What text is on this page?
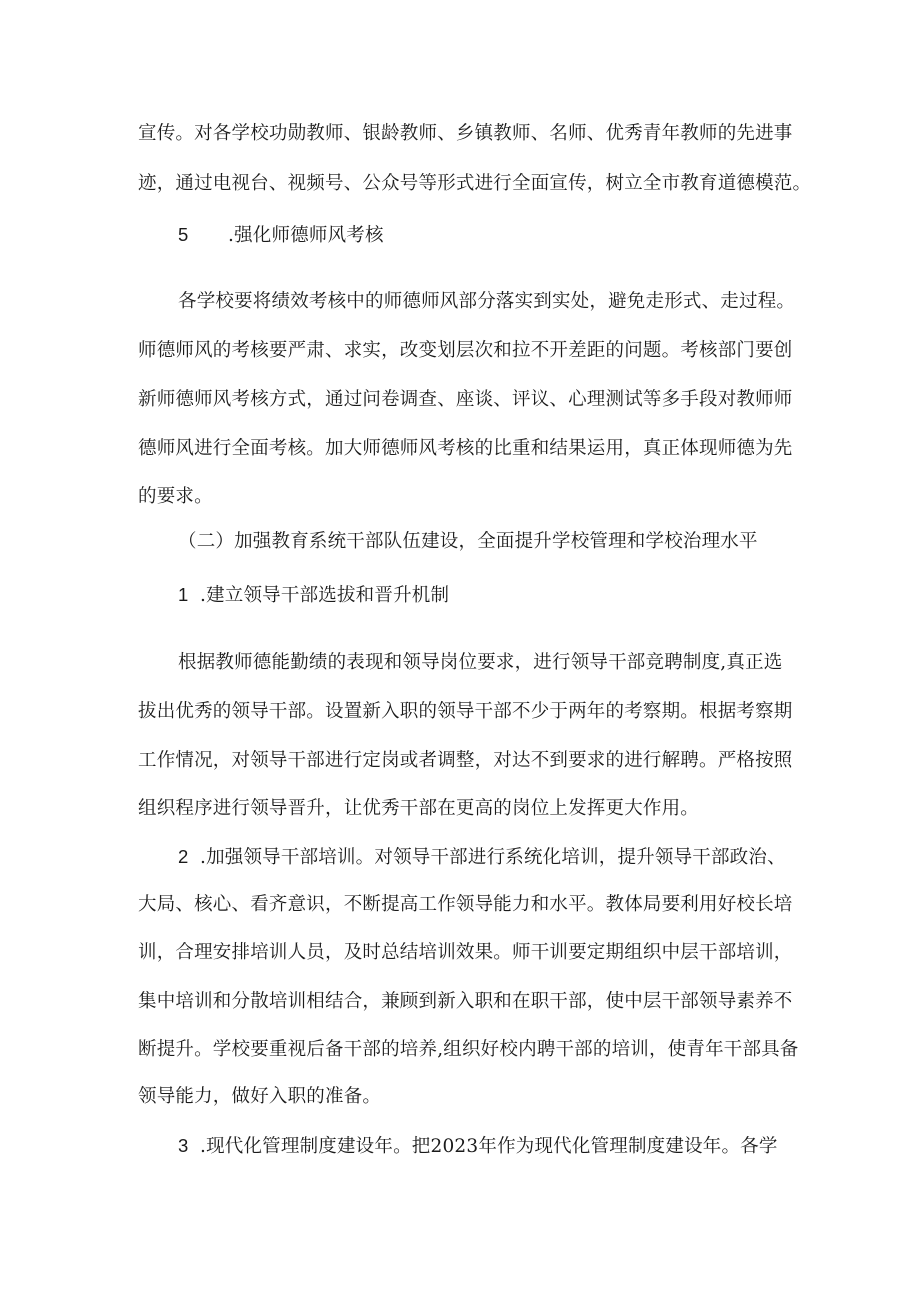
宣传。对各学校功勋教师、银龄教师、乡镇教师、名师、优秀青年教师的先进事
迹，通过电视台、视频号、公众号等形式进行全面宣传，树立全市教育道德模范。
5 .强化师德师风考核
各学校要将绩效考核中的师德师风部分落实到实处，避免走形式、走过程。
师德师风的考核要严肃、求实，改变划层次和拉不开差距的问题。考核部门要创
新师德师风考核方式，通过问卷调查、座谈、评议、心理测试等多手段对教师师
德师风进行全面考核。加大师德师风考核的比重和结果运用，真正体现师德为先
的要求。
（二）加强教育系统干部队伍建设，全面提升学校管理和学校治理水平
1 .建立领导干部选拔和晋升机制
根据教师德能勤绩的表现和领导岗位要求，进行领导干部竞聘制度,真正选
拔出优秀的领导干部。设置新入职的领导干部不少于两年的考察期。根据考察期
工作情况，对领导干部进行定岗或者调整，对达不到要求的进行解聘。严格按照
组织程序进行领导晋升，让优秀干部在更高的岗位上发挥更大作用。
2 .加强领导干部培训。对领导干部进行系统化培训，提升领导干部政治、
大局、核心、看齐意识，不断提高工作领导能力和水平。教体局要利用好校长培
训，合理安排培训人员，及时总结培训效果。师干训要定期组织中层干部培训，
集中培训和分散培训相结合，兼顾到新入职和在职干部，使中层干部领导素养不
断提升。学校要重视后备干部的培养,组织好校内聘干部的培训，使青年干部具备
领导能力，做好入职的准备。
3 .现代化管理制度建设年。把2023年作为现代化管理制度建设年。各学
